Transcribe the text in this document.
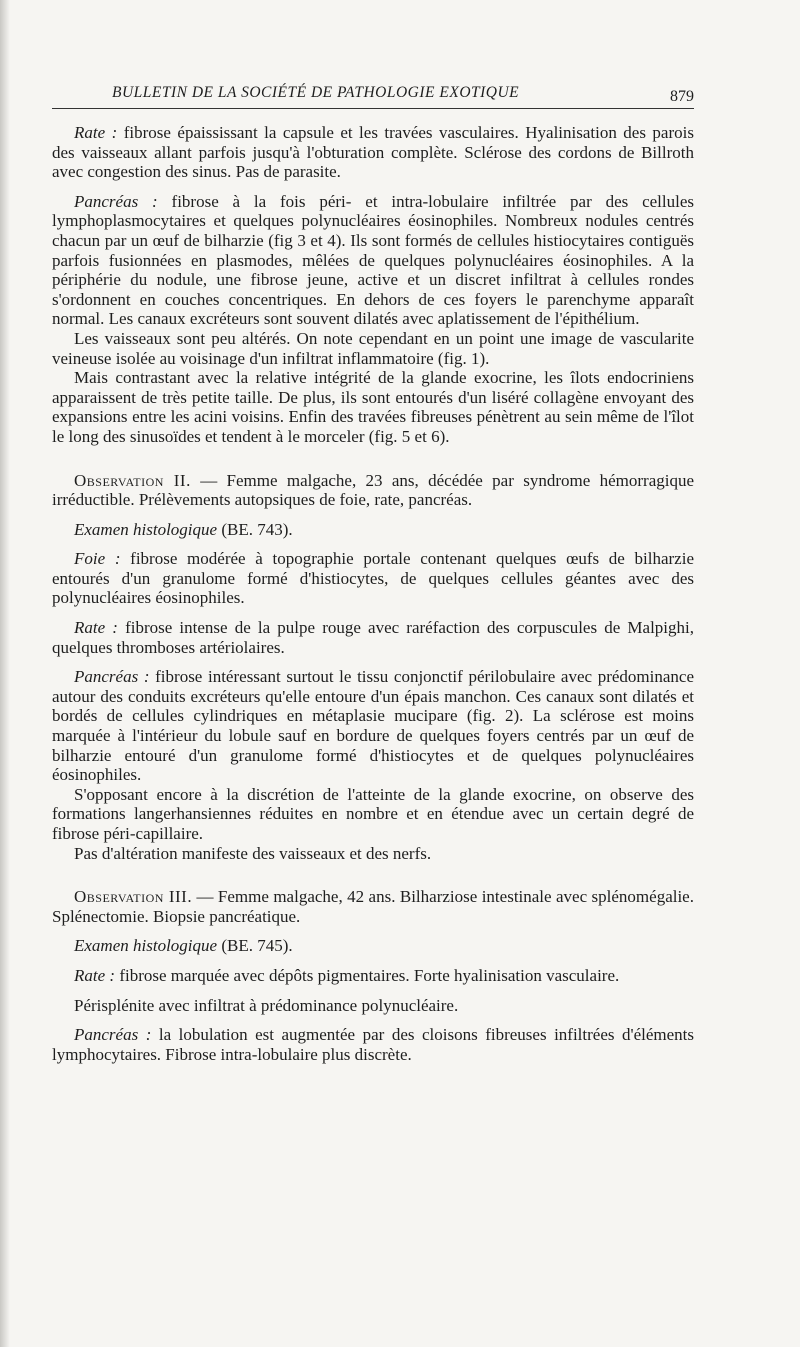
BULLETIN DE LA SOCIÉTÉ DE PATHOLOGIE EXOTIQUE	879

Rate : fibrose épaississant la capsule et les travées vasculaires. Hyalinisation des parois des vaisseaux allant parfois jusqu'à l'obturation complète. Sclérose des cordons de Billroth avec congestion des sinus. Pas de parasite.

Pancréas : fibrose à la fois péri- et intra-lobulaire infiltrée par des cellules lymphoplasmocytaires et quelques polynucléaires éosinophiles. Nombreux nodules centrés chacun par un œuf de bilharzie (fig 3 et 4). Ils sont formés de cellules histiocytaires contiguës parfois fusionnées en plasmodes, mêlées de quelques polynucléaires éosinophiles. A la périphérie du nodule, une fibrose jeune, active et un discret infiltrat à cellules rondes s'ordonnent en couches concentriques. En dehors de ces foyers le parenchyme apparaît normal. Les canaux excréteurs sont souvent dilatés avec aplatissement de l'épithélium.

Les vaisseaux sont peu altérés. On note cependant en un point une image de vascularite veineuse isolée au voisinage d'un infiltrat inflammatoire (fig. 1).

Mais contrastant avec la relative intégrité de la glande exocrine, les îlots endocriniens apparaissent de très petite taille. De plus, ils sont entourés d'un liséré collagène envoyant des expansions entre les acini voisins. Enfin des travées fibreuses pénètrent au sein même de l'îlot le long des sinusoïdes et tendent à le morceler (fig. 5 et 6).

Observation II. — Femme malgache, 23 ans, décédée par syndrome hémorragique irréductible. Prélèvements autopsiques de foie, rate, pancréas.

Examen histologique (BE. 743).

Foie : fibrose modérée à topographie portale contenant quelques œufs de bilharzie entourés d'un granulome formé d'histiocytes, de quelques cellules géantes avec des polynucléaires éosinophiles.

Rate : fibrose intense de la pulpe rouge avec raréfaction des corpuscules de Malpighi, quelques thromboses artériolaires.

Pancréas : fibrose intéressant surtout le tissu conjonctif périlobulaire avec prédominance autour des conduits excréteurs qu'elle entoure d'un épais manchon. Ces canaux sont dilatés et bordés de cellules cylindriques en métaplasie mucipare (fig. 2). La sclérose est moins marquée à l'intérieur du lobule sauf en bordure de quelques foyers centrés par un œuf de bilharzie entouré d'un granulome formé d'histiocytes et de quelques polynucléaires éosinophiles.

S'opposant encore à la discrétion de l'atteinte de la glande exocrine, on observe des formations langerhansiennes réduites en nombre et en étendue avec un certain degré de fibrose péri-capillaire.

Pas d'altération manifeste des vaisseaux et des nerfs.

Observation III. — Femme malgache, 42 ans. Bilharziose intestinale avec splénomégalie. Splénectomie. Biopsie pancréatique.

Examen histologique (BE. 745).

Rate : fibrose marquée avec dépôts pigmentaires. Forte hyalinisation vasculaire.

Périsplénite avec infiltrat à prédominance polynucléaire.

Pancréas : la lobulation est augmentée par des cloisons fibreuses infiltrées d'éléments lymphocytaires. Fibrose intra-lobulaire plus discrète.
